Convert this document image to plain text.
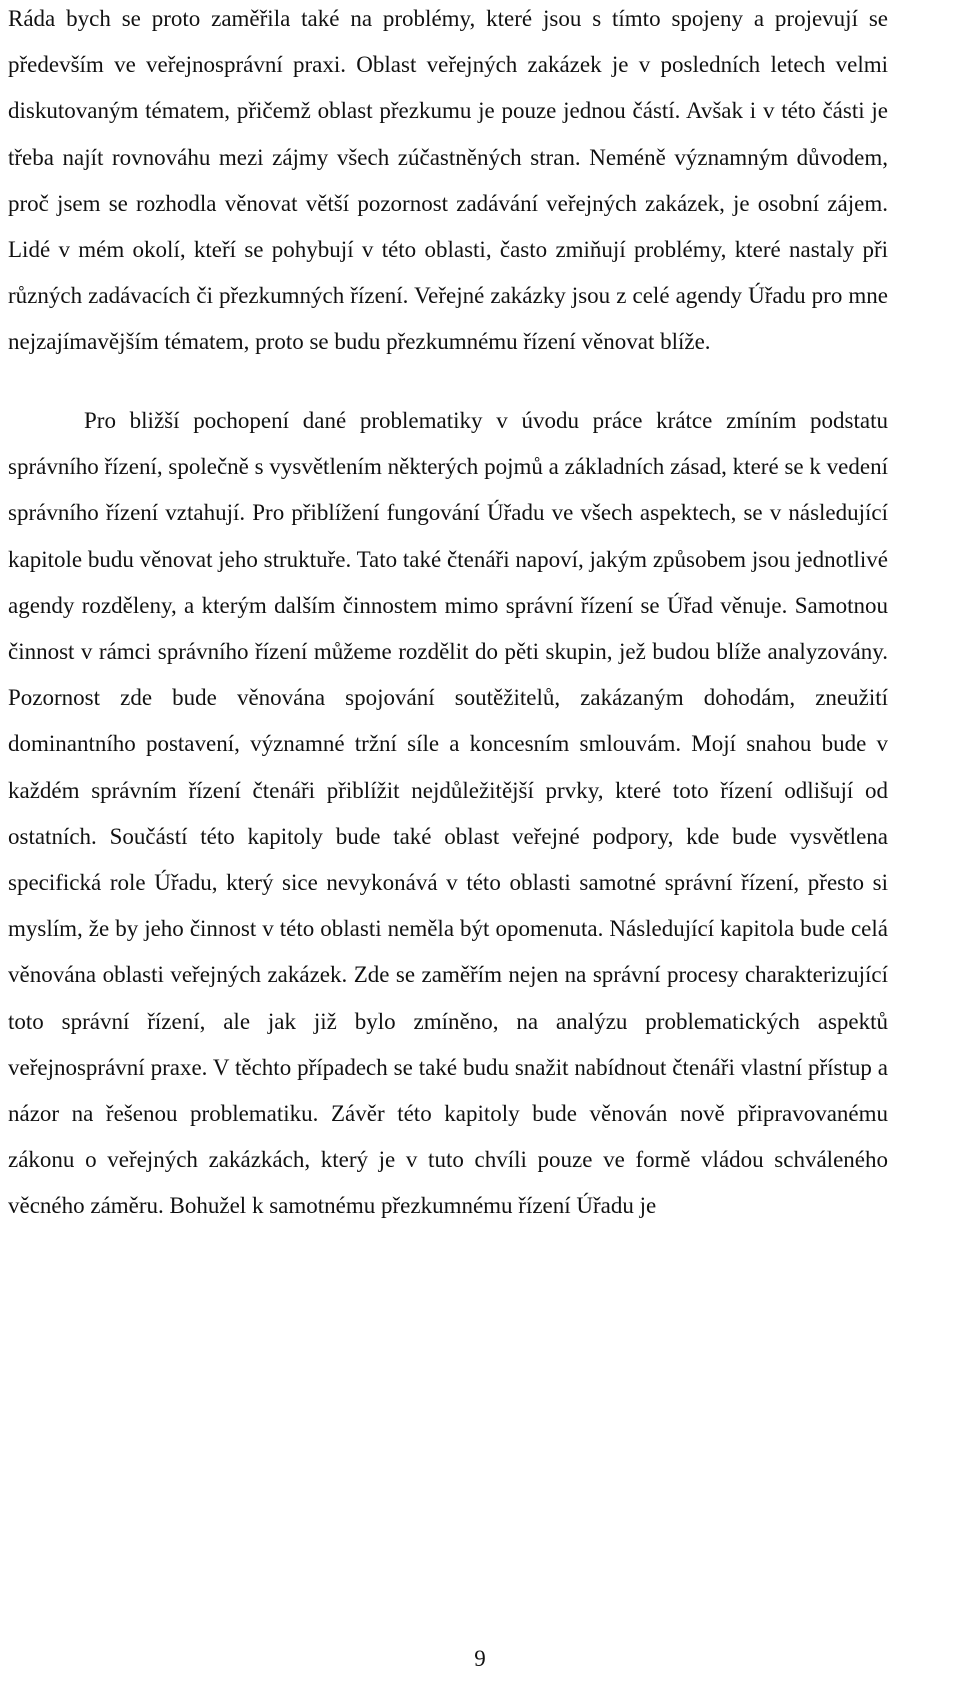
Ráda bych se proto zaměřila také na problémy, které jsou s tímto spojeny a projevují se především ve veřejnosprávní praxi. Oblast veřejných zakázek je v posledních letech velmi diskutovaným tématem, přičemž oblast přezkumu je pouze jednou částí. Avšak i v této části je třeba najít rovnováhu mezi zájmy všech zúčastněných stran. Neméně významným důvodem, proč jsem se rozhodla věnovat větší pozornost zadávání veřejných zakázek, je osobní zájem. Lidé v mém okolí, kteří se pohybují v této oblasti, často zmiňují problémy, které nastaly při různých zadávacích či přezkumných řízení. Veřejné zakázky jsou z celé agendy Úřadu pro mne nejzajímavějším tématem, proto se budu přezkumnému řízení věnovat blíže.

Pro bližší pochopení dané problematiky v úvodu práce krátce zmíním podstatu správního řízení, společně s vysvětlením některých pojmů a základních zásad, které se k vedení správního řízení vztahují. Pro přiblížení fungování Úřadu ve všech aspektech, se v následující kapitole budu věnovat jeho struktuře. Tato také čtenáři napoví, jakým způsobem jsou jednotlivé agendy rozděleny, a kterým dalším činnostem mimo správní řízení se Úřad věnuje. Samotnou činnost v rámci správního řízení můžeme rozdělit do pěti skupin, jež budou blíže analyzovány. Pozornost zde bude věnována spojování soutěžitelů, zakázaným dohodám, zneužití dominantního postavení, významné tržní síle a koncesním smlouvám. Mojí snahou bude v každém správním řízení čtenáři přiblížit nejdůležitější prvky, které toto řízení odlišují od ostatních. Součástí této kapitoly bude také oblast veřejné podpory, kde bude vysvětlena specifická role Úřadu, který sice nevykonává v této oblasti samotné správní řízení, přesto si myslím, že by jeho činnost v této oblasti neměla být opomenuta. Následující kapitola bude celá věnována oblasti veřejných zakázek. Zde se zaměřím nejen na správní procesy charakterizující toto správní řízení, ale jak již bylo zmíněno, na analýzu problematických aspektů veřejnosprávní praxe. V těchto případech se také budu snažit nabídnout čtenáři vlastní přístup a názor na řešenou problematiku. Závěr této kapitoly bude věnován nově připravovanému zákonu o veřejných zakázkách, který je v tuto chvíli pouze ve formě vládou schváleného věcného záměru. Bohužel k samotnému přezkumnému řízení Úřadu je

9
